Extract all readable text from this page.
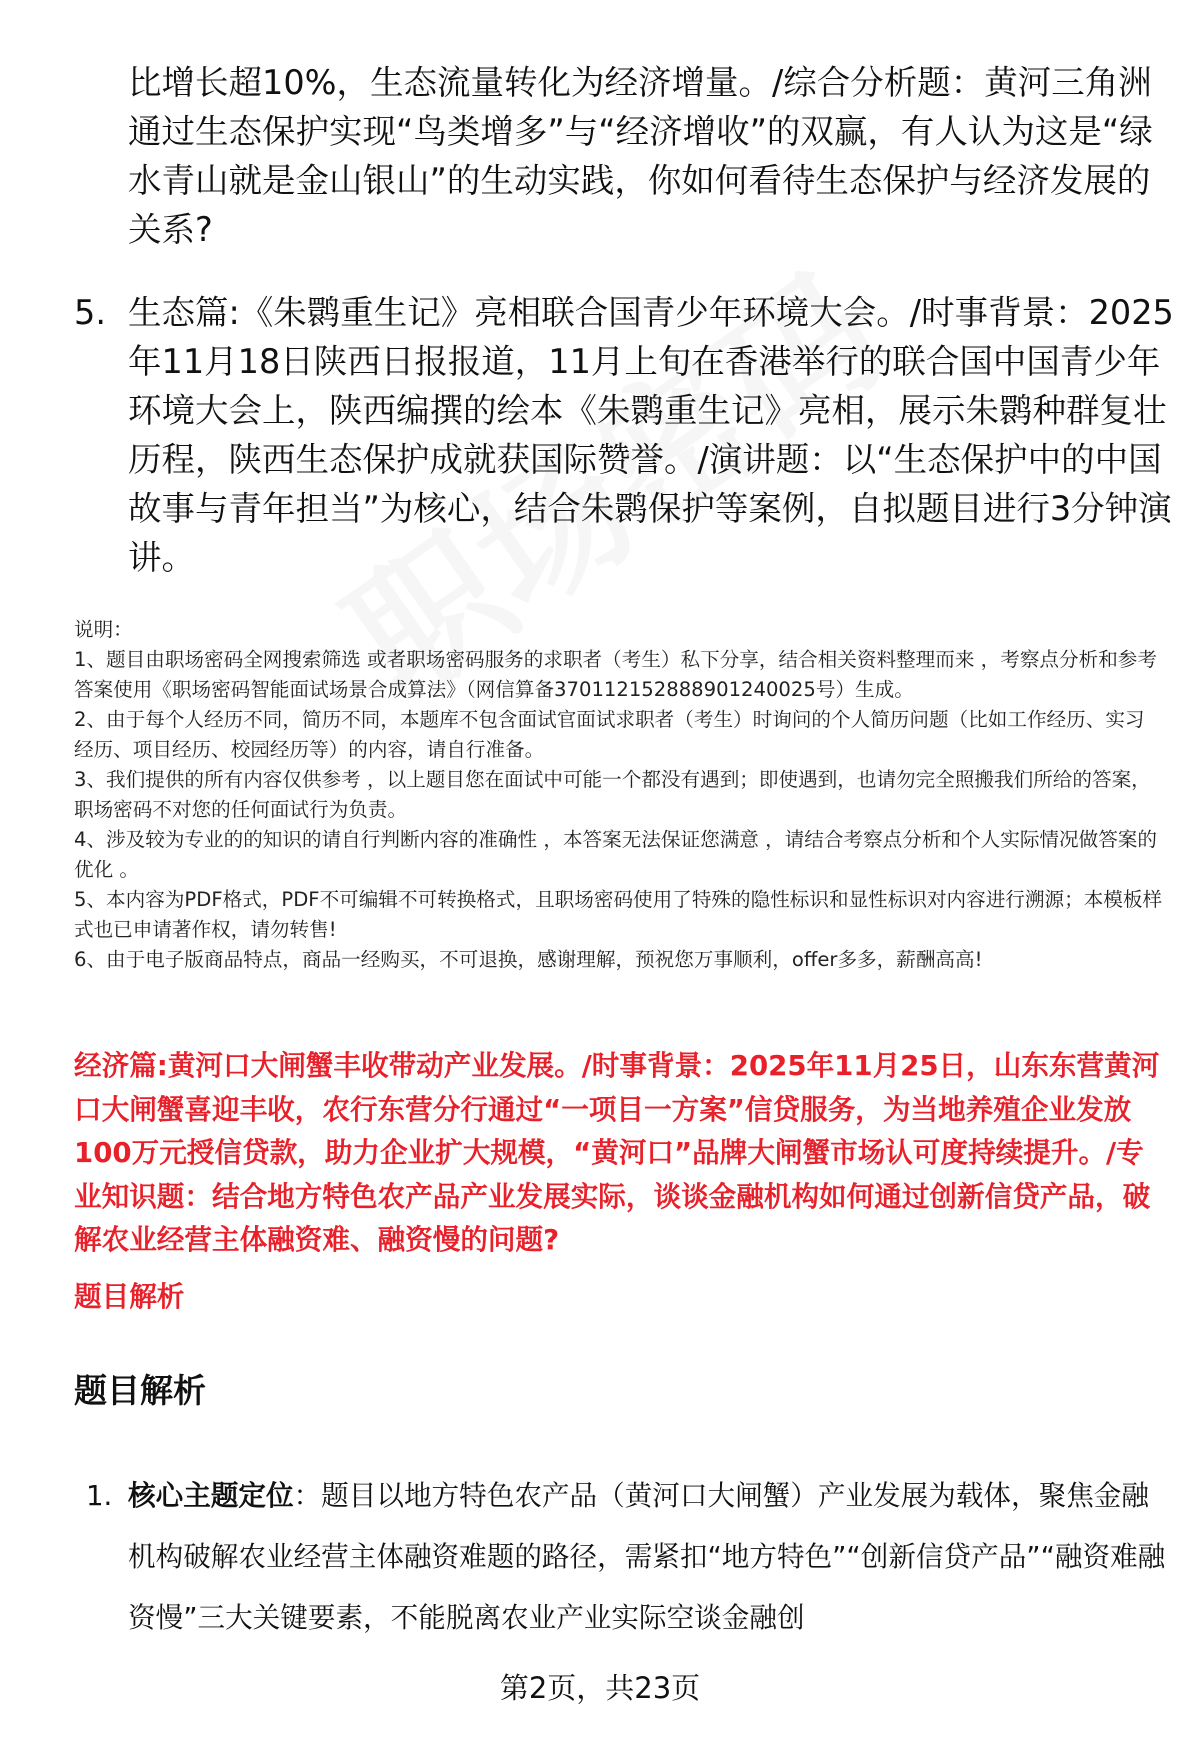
比增长超10%，生态流量转化为经济增量。/综合分析题：黄河三角洲通过生态保护实现“鸟类增多”与“经济增收”的双赢，有人认为这是“绿水青山就是金山银山”的生动实践，你如何看待生态保护与经济发展的关系?

5. 生态篇:《朱鹮重生记》亮相联合国青少年环境大会。/时事背景：2025年11月18日陕西日报报道，11月上旬在香港举行的联合国中国青少年环境大会上，陕西编撰的绘本《朱鹮重生记》亮相，展示朱鹮种群复壮历程，陕西生态保护成就获国际赞誉。/演讲题：以“生态保护中的中国故事与青年担当”为核心，结合朱鹮保护等案例，自拟题目进行3分钟演讲。

说明：

1、题目由职场密码全网搜索筛选 或者职场密码服务的求职者（考生）私下分享，结合相关资料整理而来 ，考察点分析和参考答案使用《职场密码智能面试场景合成算法》（网信算备370112152888901240025号）生成。

2、由于每个人经历不同，简历不同，本题库不包含面试官面试求职者（考生）时询问的个人简历问题（比如工作经历、实习经历、项目经历、校园经历等）的内容，请自行准备。

3、我们提供的所有内容仅供参考 ，以上题目您在面试中可能一个都没有遇到；即使遇到，也请勿完全照搬我们所给的答案，职场密码不对您的任何面试行为负责。

4、涉及较为专业的的知识的请自行判断内容的准确性 ，本答案无法保证您满意 ，请结合考察点分析和个人实际情况做答案的优化 。

5、本内容为PDF格式，PDF不可编辑不可转换格式，且职场密码使用了特殊的隐性标识和显性标识对内容进行溯源；本模板样式也已申请著作权，请勿转售!

6、由于电子版商品特点，商品一经购买，不可退换，感谢理解，预祝您万事顺利，offer多多，薪酬高高!

经济篇:黄河口大闸蟹丰收带动产业发展。/时事背景：2025年11月25日，山东东营黄河口大闸蟹喜迎丰收，农行东营分行通过“一项目一方案”信贷服务，为当地养殖企业发放100万元授信贷款，助力企业扩大规模，“黄河口”品牌大闸蟹市场认可度持续提升。/专业知识题：结合地方特色农产品产业发展实际，谈谈金融机构如何通过创新信贷产品，破解农业经营主体融资难、融资慢的问题?

题目解析

题目解析
1. 核心主题定位：题目以地方特色农产品（黄河口大闸蟹）产业发展为载体，聚焦金融机构破解农业经营主体融资难题的路径，需紧扣“地方特色”“创新信贷产品”“融资难融资慢”三大关键要素，不能脱离农业产业实际空谈金融创

第2页，共23页
